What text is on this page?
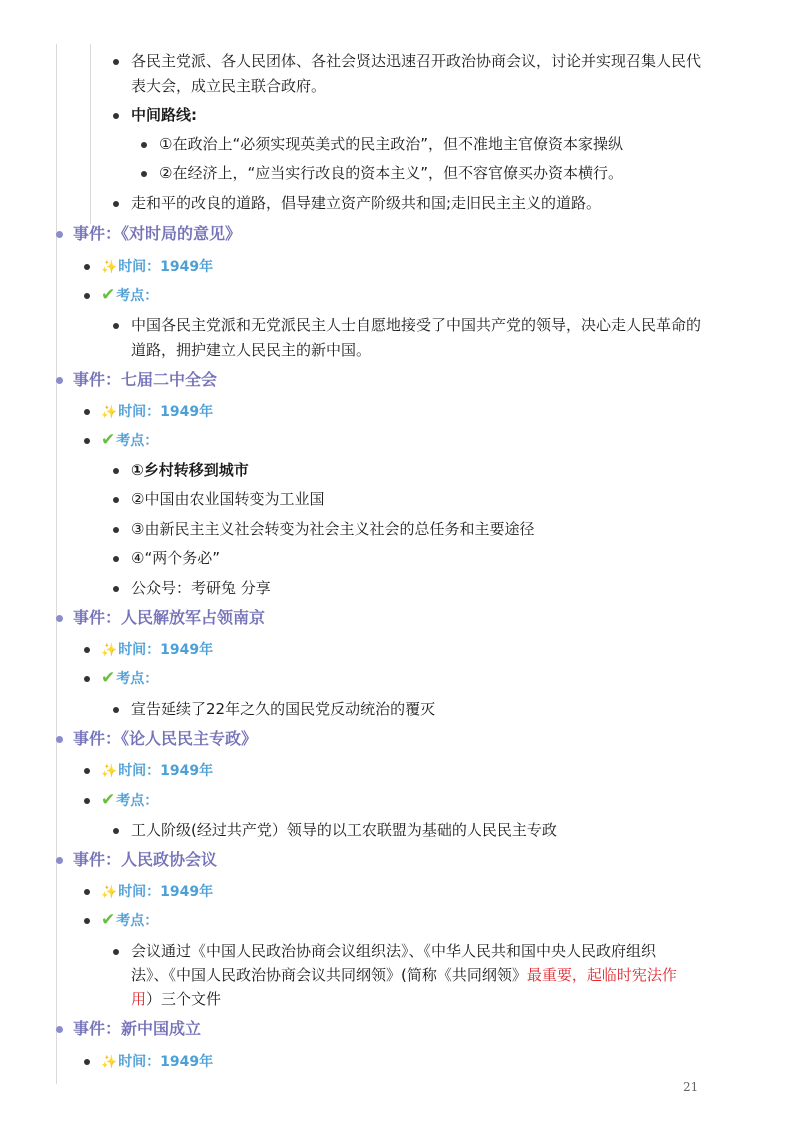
各民主党派、各人民团体、各社会贤达迅速召开政治协商会议，讨论并实现召集人民代
表大会，成立民主联合政府。
中间路线:
①在政治上“必须实现英美式的民主政治”，但不准地主官僚资本家操纵
②在经济上，“应当实行改良的资本主义”，但不容官僚买办资本横行。
走和平的改良的道路，倡导建立资产阶级共和国;走旧民主主义的道路。
事件：《对时局的意见》
✨时间：1949年
✔考点：
中国各民主党派和无党派民主人士自愿地接受了中国共产党的领导，决心走人民革命的
道路，拥护建立人民民主的新中国。
事件：七届二中全会
✨时间：1949年
✔考点：
①乡村转移到城市
②中国由农业国转变为工业国
③由新民主主义社会转变为社会主义社会的总任务和主要途径
④“两个务必”
公众号：考研兔 分享
事件：人民解放军占领南京
✨时间：1949年
✔考点：
宣告延续了22年之久的国民党反动统治的覆灭
事件：《论人民民主专政》
✨时间：1949年
✔考点：
工人阶级(经过共产党）领导的以工农联盟为基础的人民民主专政
事件：人民政协会议
✨时间：1949年
✔考点：
会议通过《中国人民政治协商会议组织法》、《中华人民共和国中央人民政府组织
法》、《中国人民政治协商会议共同纲领》(简称《共同纲领》最重要，起临时宪法作
用）三个文件
事件：新中国成立
✨时间：1949年
21
